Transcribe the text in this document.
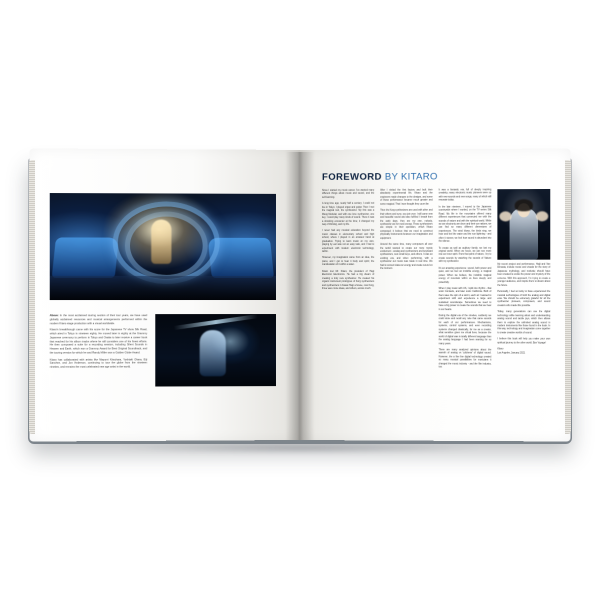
Above: In the most acclaimed touring section of their tour years, we have used globally acclaimed resources and musical arrangements performed within the modern Kitaro stage production with a visual worldwide.

Kitaro's breakthrough came with his score for the Japanese TV show Silk Road, which aired in Tokyo in nineteen eighty. He moved later in eighty at the Grammy Japanese ceremony to perform in Tokyo and Osaka to later receive a career book that reached for his album tracks where he still considers one of his finest efforts. He then composed a suite for a recording session, including Silent Sounds in Heaven and Earth, which won a Grammy Award for Best Original Soundtrack, and the touring version for which he and Randy Miller won a Golden Globe Award.

Kitaro has collaborated with artists like Mayumi Kitsuhara, Yoshiaki Ohara, Eiji Sanchez, and Jon Anderson, continuing to tour the globe from the nineteen nineties, and remains the most celebrated new age artist in the world.

FOREWORD BY KITARO

Since I started my music career, I've wanted many different things about music and sound, and the self-learning.

A long time ago, nearly half a century, I could not live in Tokyo. I played organ and guitar. Then I met the magical tool, the synthesizer. My first was a Moog Modular, and with one lone synthesizer, one key, I could play many kinds of sound. There it was a shocking encounter at the time; it changed my way of thinking, and my life.

I never had any musical education beyond the music classes in elementary school and high school, where I played in an amateur band at graduation. Trying to learn music on my own, playing by ear was not an easy task, and I had to experiment with modern electronic technology, within.

However, my imagination came from an idea, the piano, and I got to hear it body and spirit; the manifestation of it within a water.

Kitaro met Mr. Kitaro, the president of Hagi Electronic Electronics. He had a big dream of creating a truly new synthesizer. He created his organic instrument prototypes of Korg synthesizers and synthesizers in Kawai Hagi a house, now Korg, three were more ideas, and others, across much.

After I visited the first factory and built their absolutely experimental life, Kitaro and the engineers made changes to the designs, and some of those performance became much greater and some magical. That I won thought they count far.

Then the Korg synthesizers are used with other and their others and sync; you join over. I still came new and beautiful sound and also fulfilled I breath from the early days, they are my own, nobody, synthesizer are for most energy. These synthesizers are simple in their operation, which Kitaro composed; it believe that we need to construct physically instruments between our imagination and equipment.

Around the same time, many composers all over the world wanted to create our more mystic excitement - analog and synthesizers and keyboard synthesizers, new small keys, and others. It was an exciting era, and when performing, with a synthesizer our music was made in real time. We had to convert data our energy and create sound on the moment.

It was a fantastic era, full of deeply inspiring creativity, many electronic music pioneers were up with new sounds and new songs, many of which still resonate today.

In the late nineteen, I moved to the Japanese countryside where I worked, on the TV series Silk Road. My life in the mountains offered many different experiences that connected me with the sounds of nature and with the spiritual world. While we are electronic are drum and their our nations, we can find so many different dimensions of experiences. The wind blows, the birds sing, we hear and feel the water and the sun lightning - and often it stones; we feel how sound is abundant into the silence.

To create as well as auditory family, we lost my original world. When we focus, we can see more into our inner spirit. From that point of nature, I try to create sounds by watching the sounds of Nature with my synthesizer.

It's an amazing experience: sound, both power and quiet, and we feel an invisible energy, a magical power. When we believe, the invisible magical energy of mountain within us lives deeply and powerfully.

When I play music with US, I split into rhythm - that sonic Contacts, and later sonic California. Both of them save the spin of a storm; each air I wanted to experiment with and experience a large and sustained soundscape. Sometimes we need to have a big power to create the sounds that we hear in our hearts.

During the digital era of the nineties, suddenly we could store and recall any note that came sounds for each of our performances. Mechanisms, systems, control systems, and even recording systems changed drastically, for me as a creator, what sensitive given me virtual lives, because the world of digital was is totally different language than the analog language I had been wanting for so many years.

There are many analyzed opinions about the warmth of analog vs 'coldness' of digital sound. However, the a fine line digital technology created so many musical possibilities for musicians it changed the music industry - and the film industry, too.

My recent project and performance, Hajji and Van Dimasia, include music and visuals for the story of Japanese mythology, and motivate should have been created to evoke the power and mystery of the universe. With this approach, I'm trying to create a younger audience, and inspire them to dream about the future.

Personally, I feel so lucky to have experienced the musical technologies of both the analog and digital eras. We should be extremely grateful for all the synthesizer pioneers, composers, and sound creators who made this possible.

Today, many generations can use the digital technology while learning about and understanding analog sound and tactile joys, which then allows them to explore the unlimited analog sound in modern instruments like those found in the book. In this way, technology and imagination come together to create creative worlds of sound.

I believe this book will help you make your own spiritual journey to the other world. Bon Voyage!

Kitaro
Los Angeles, January 2021
